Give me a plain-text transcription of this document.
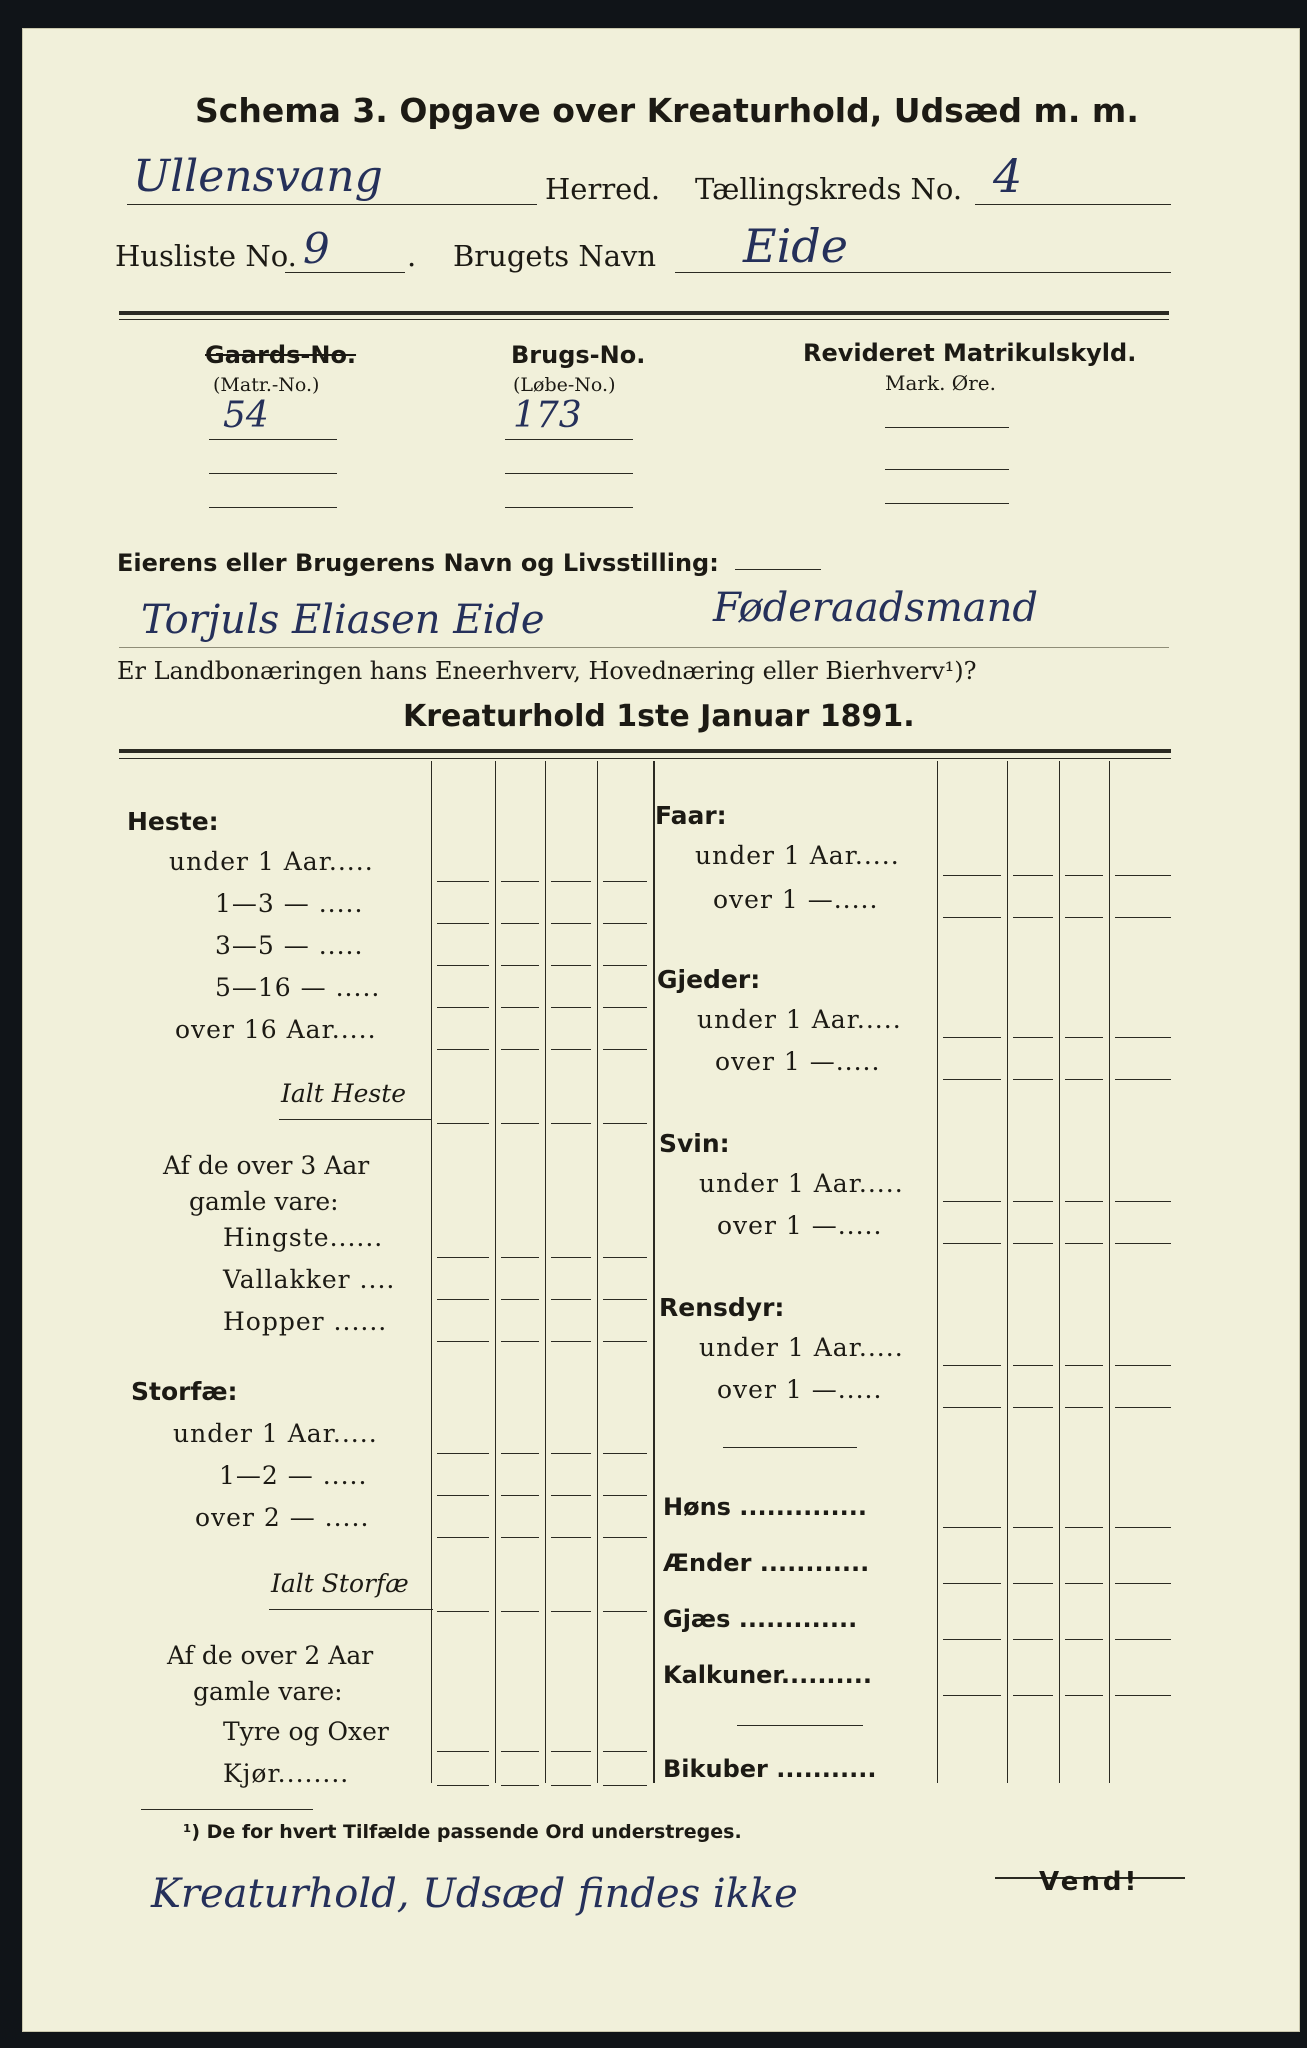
Schema 3. Opgave over Kreaturhold, Udsæd m. m.
Ullensvang	Herred. Tællingskreds No. 4
Husliste No. 9	. Brugets Navn Eide
Gaards-No.
(Matr.-No.)
54
Brugs-No.
(Løbe-No.)
173
Revideret Matrikulskyld.
Mark. Øre.
Eierens eller Brugerens Navn og Livsstilling:
Torjuls Eliasen Eide	Føderaadsmand
Er Landbonæringen hans Eneerhverv, Hovednæring eller Bierhverv¹)?
Kreaturhold 1ste Januar 1891.
Heste:
under 1 Aar.....
1—3 — .....
3—5 — .....
5—16 — .....
over 16 Aar.....
Ialt Heste
Af de over 3 Aar
gamle vare:
Hingste......
Vallakker ....
Hopper ......
Storfæ:
under 1 Aar.....
1—2 — .....
over 2 — .....
Ialt Storfæ
Af de over 2 Aar
gamle vare:
Tyre og Oxer
Kjør........
Faar:
under 1 Aar.....
over 1 —.....
Gjeder:
under 1 Aar.....
over 1 —.....
Svin:
under 1 Aar.....
over 1 —.....
Rensdyr:
under 1 Aar.....
over 1 —.....
Høns ..............
Ænder ............
Gjæs .............
Kalkuner..........
Bikuber ...........
¹) De for hvert Tilfælde passende Ord understreges.
Kreaturhold, Udsæd findes ikke	Vend!
